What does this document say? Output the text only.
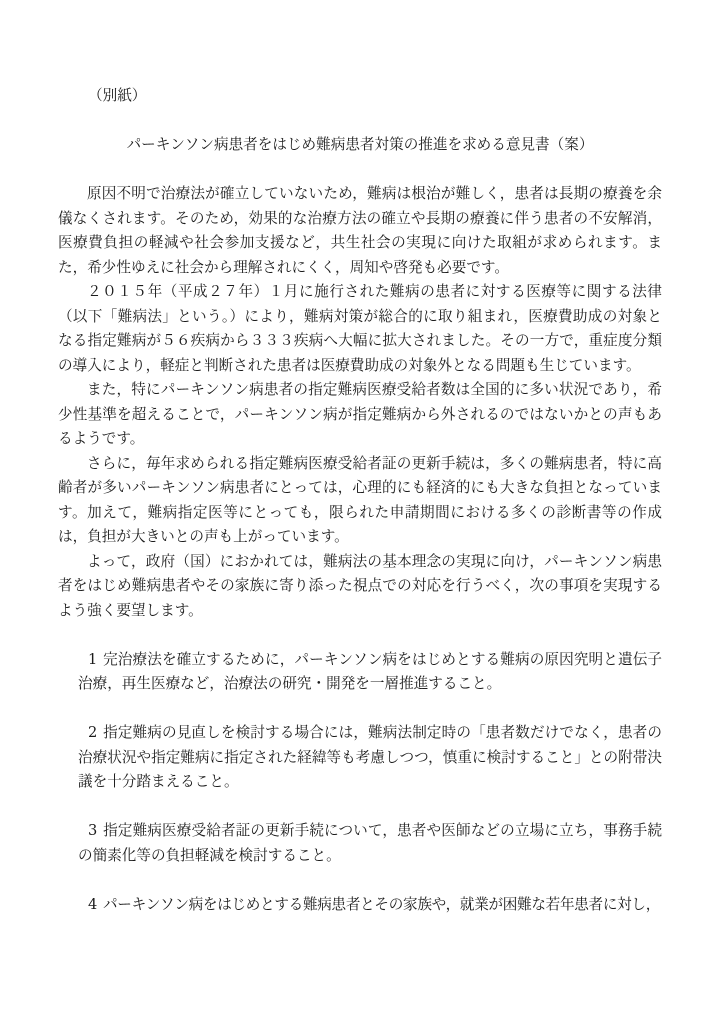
（別紙）
パーキンソン病患者をはじめ難病患者対策の推進を求める意見書（案）

原因不明で治療法が確立していないため，難病は根治が難しく，患者は長期の療養を余儀なくされます。そのため，効果的な治療方法の確立や長期の療養に伴う患者の不安解消，医療費負担の軽減や社会参加支援など，共生社会の実現に向けた取組が求められます。また，希少性ゆえに社会から理解されにくく，周知や啓発も必要です。

２０１５年（平成２７年）１月に施行された難病の患者に対する医療等に関する法律（以下「難病法」という。）により，難病対策が総合的に取り組まれ，医療費助成の対象となる指定難病が５６疾病から３３３疾病へ大幅に拡大されました。その一方で，重症度分類の導入により，軽症と判断された患者は医療費助成の対象外となる問題も生じています。

また，特にパーキンソン病患者の指定難病医療受給者数は全国的に多い状況であり，希少性基準を超えることで，パーキンソン病が指定難病から外されるのではないかとの声もあるようです。

さらに，毎年求められる指定難病医療受給者証の更新手続は，多くの難病患者，特に高齢者が多いパーキンソン病患者にとっては，心理的にも経済的にも大きな負担となっています。加えて，難病指定医等にとっても，限られた申請期間における多くの診断書等の作成は，負担が大きいとの声も上がっています。

よって，政府（国）におかれては，難病法の基本理念の実現に向け，パーキンソン病患者をはじめ難病患者やその家族に寄り添った視点での対応を行うべく，次の事項を実現するよう強く要望します。

1 完治療法を確立するために，パーキンソン病をはじめとする難病の原因究明と遺伝子治療，再生医療など，治療法の研究・開発を一層推進すること。
2 指定難病の見直しを検討する場合には，難病法制定時の「患者数だけでなく，患者の治療状況や指定難病に指定された経緯等も考慮しつつ，慎重に検討すること」との附帯決議を十分踏まえること。
3 指定難病医療受給者証の更新手続について，患者や医師などの立場に立ち，事務手続の簡素化等の負担軽減を検討すること。
4 パーキンソン病をはじめとする難病患者とその家族や，就業が困難な若年患者に対し，
